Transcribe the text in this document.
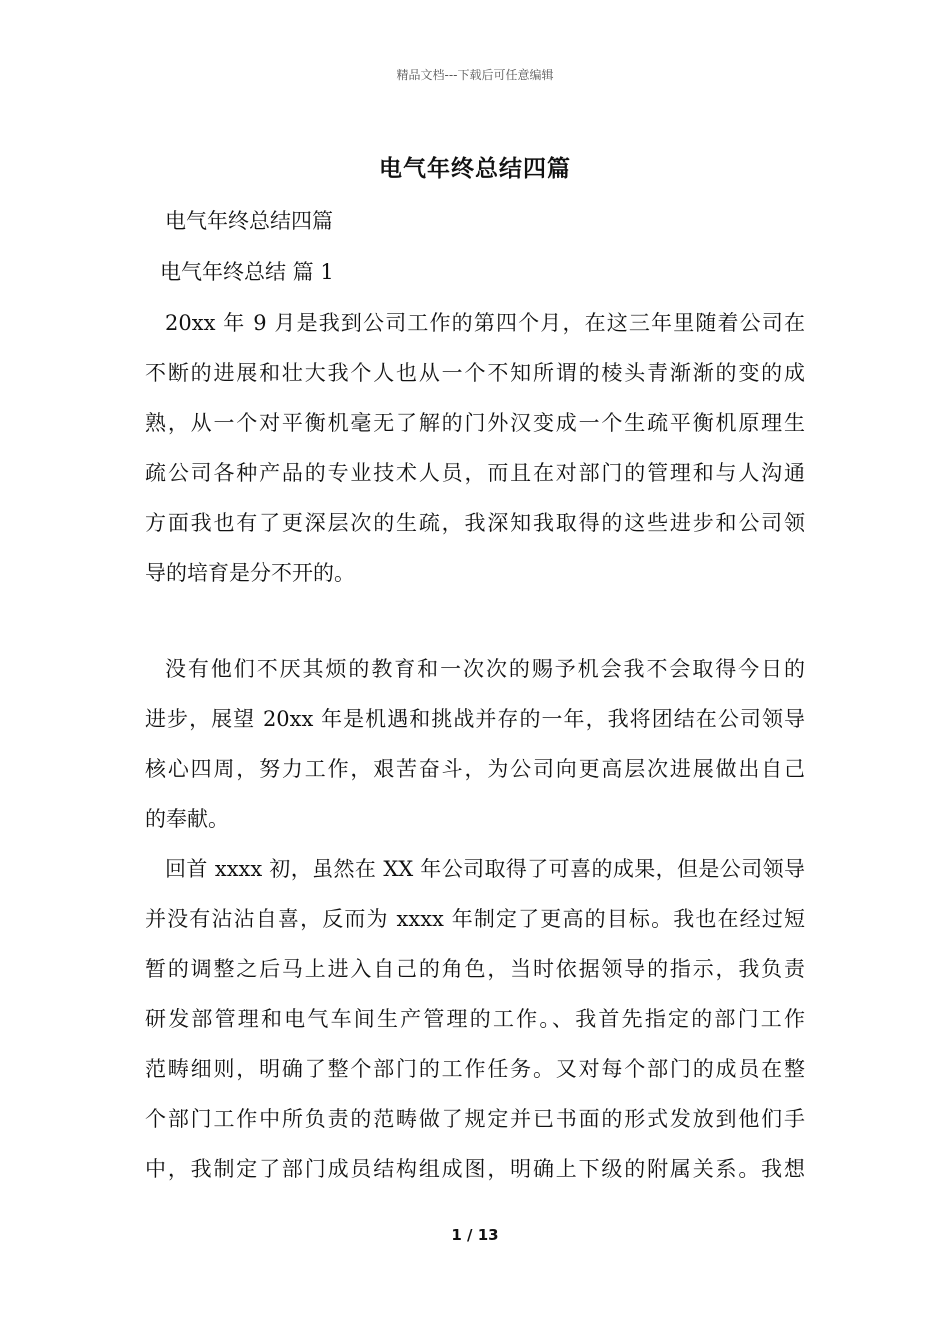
精品文档---下载后可任意编辑
电气年终总结四篇
电气年终总结四篇
电气年终总结 篇 1
20xx 年 9 月是我到公司工作的第四个月，在这三年里随着公司在
不断的进展和壮大我个人也从一个不知所谓的棱头青渐渐的变的成
熟，从一个对平衡机毫无了解的门外汉变成一个生疏平衡机原理生
疏公司各种产品的专业技术人员，而且在对部门的管理和与人沟通
方面我也有了更深层次的生疏，我深知我取得的这些进步和公司领
导的培育是分不开的。
没有他们不厌其烦的教育和一次次的赐予机会我不会取得今日的
进步，展望 20xx 年是机遇和挑战并存的一年，我将团结在公司领导
核心四周，努力工作，艰苦奋斗，为公司向更高层次进展做出自己
的奉献。
回首 xxxx 初，虽然在 XX 年公司取得了可喜的成果，但是公司领导
并没有沾沾自喜，反而为 xxxx 年制定了更高的目标。我也在经过短
暂的调整之后马上进入自己的角色，当时依据领导的指示，我负责
研发部管理和电气车间生产管理的工作。、我首先指定的部门工作
范畴细则，明确了整个部门的工作任务。又对每个部门的成员在整
个部门工作中所负责的范畴做了规定并已书面的形式发放到他们手
中，我制定了部门成员结构组成图，明确上下级的附属关系。我想
1 / 13
